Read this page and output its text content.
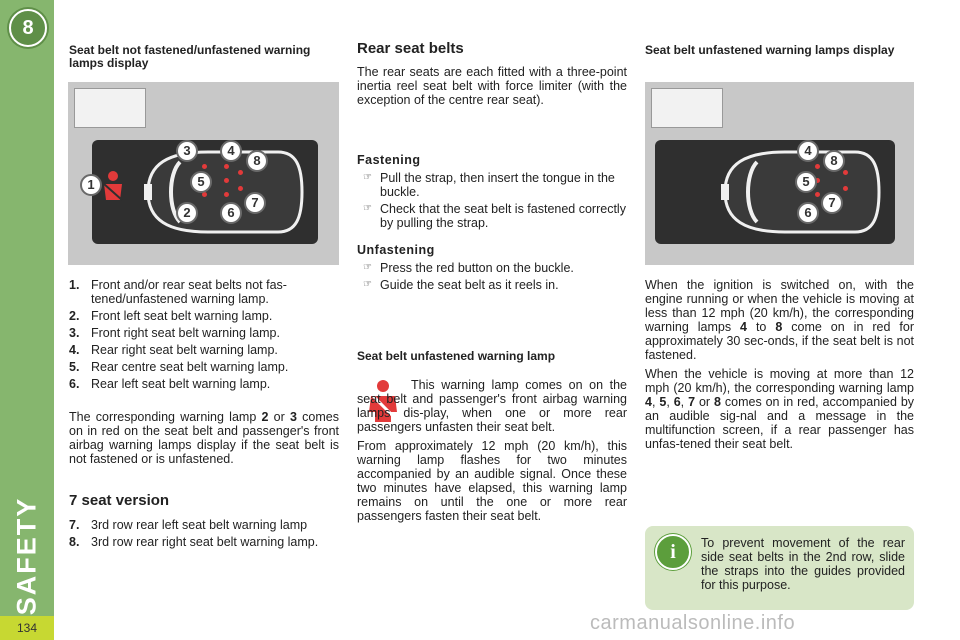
8
SAFETY
134
Seat belt not fastened/unfastened warning lamps display
1
2
3	4
5
6
7
8
1. Front and/or rear seat belts not fas-tened/unfastened warning lamp.
2. Front left seat belt warning lamp.
3. Front right seat belt warning lamp.
4. Rear right seat belt warning lamp.
5. Rear centre seat belt warning lamp.
6. Rear left seat belt warning lamp.

The corresponding warning lamp 2 or 3 comes on in red on the seat belt and passenger's front airbag warning lamps display if the seat belt is not fastened or is unfastened.

7 seat version
7. 3rd row rear left seat belt warning lamp
8. 3rd row rear right seat belt warning lamp.
Rear seat belts

The rear seats are each fitted with a three-point inertia reel seat belt with force limiter (with the exception of the centre rear seat).

Fastening
☞ Pull the strap, then insert the tongue in the buckle.
☞ Check that the seat belt is fastened correctly by pulling the strap.
Unfastening
☞ Press the red button on the buckle.
☞ Guide the seat belt as it reels in.
Seat belt unfastened warning lamp

This warning lamp comes on on the seat belt and passenger's front airbag warning lamps dis-play, when one or more rear passengers unfasten their seat belt.

From approximately 12 mph (20 km/h), this warning lamp flashes for two minutes accompanied by an audible signal. Once these two minutes have elapsed, this warning lamp remains on until the one or more rear passengers fasten their seat belt.

Seat belt unfastened warning lamps display
4
5
6
7
8

When the ignition is switched on, with the engine running or when the vehicle is moving at less than 12 mph (20 km/h), the corresponding warning lamps 4 to 8 come on in red for approximately 30 sec-onds, if the seat belt is not fastened.

When the vehicle is moving at more than 12 mph (20 km/h), the corresponding warning lamp 4, 5, 6, 7 or 8 comes on in red, accompanied by an audible sig-nal and a message in the multifunction screen, if a rear passenger has unfas-tened their seat belt.

i	To prevent movement of the rear side seat belts in the 2nd row, slide the straps into the guides provided for this purpose.
carmanualsonline.info
